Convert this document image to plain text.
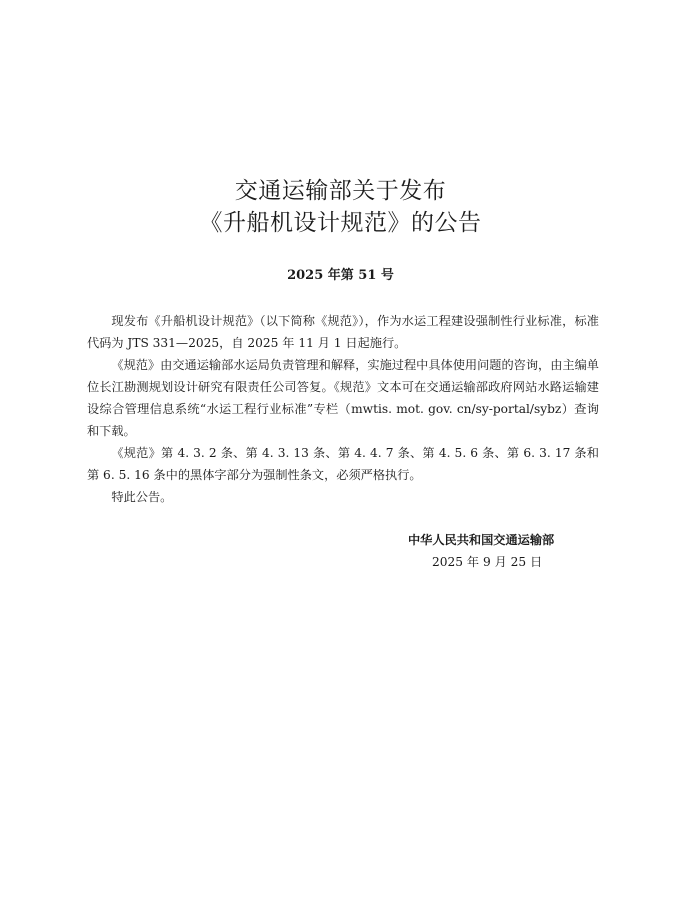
交通运输部关于发布
《升船机设计规范》的公告
2025 年第 51 号

现发布《升船机设计规范》（以下简称《规范》），作为水运工程建设强制性行业标准，标准代码为 JTS 331—2025，自 2025 年 11 月 1 日起施行。

《规范》由交通运输部水运局负责管理和解释，实施过程中具体使用问题的咨询，由主编单位长江勘测规划设计研究有限责任公司答复。《规范》文本可在交通运输部政府网站水路运输建设综合管理信息系统“水运工程行业标准”专栏（mwtis. mot. gov. cn/sy-portal/sybz）查询和下载。

《规范》第 4. 3. 2 条、第 4. 3. 13 条、第 4. 4. 7 条、第 4. 5. 6 条、第 6. 3. 17 条和第 6. 5. 16 条中的黑体字部分为强制性条文，必须严格执行。

特此公告。

中华人民共和国交通运输部
2025 年 9 月 25 日
